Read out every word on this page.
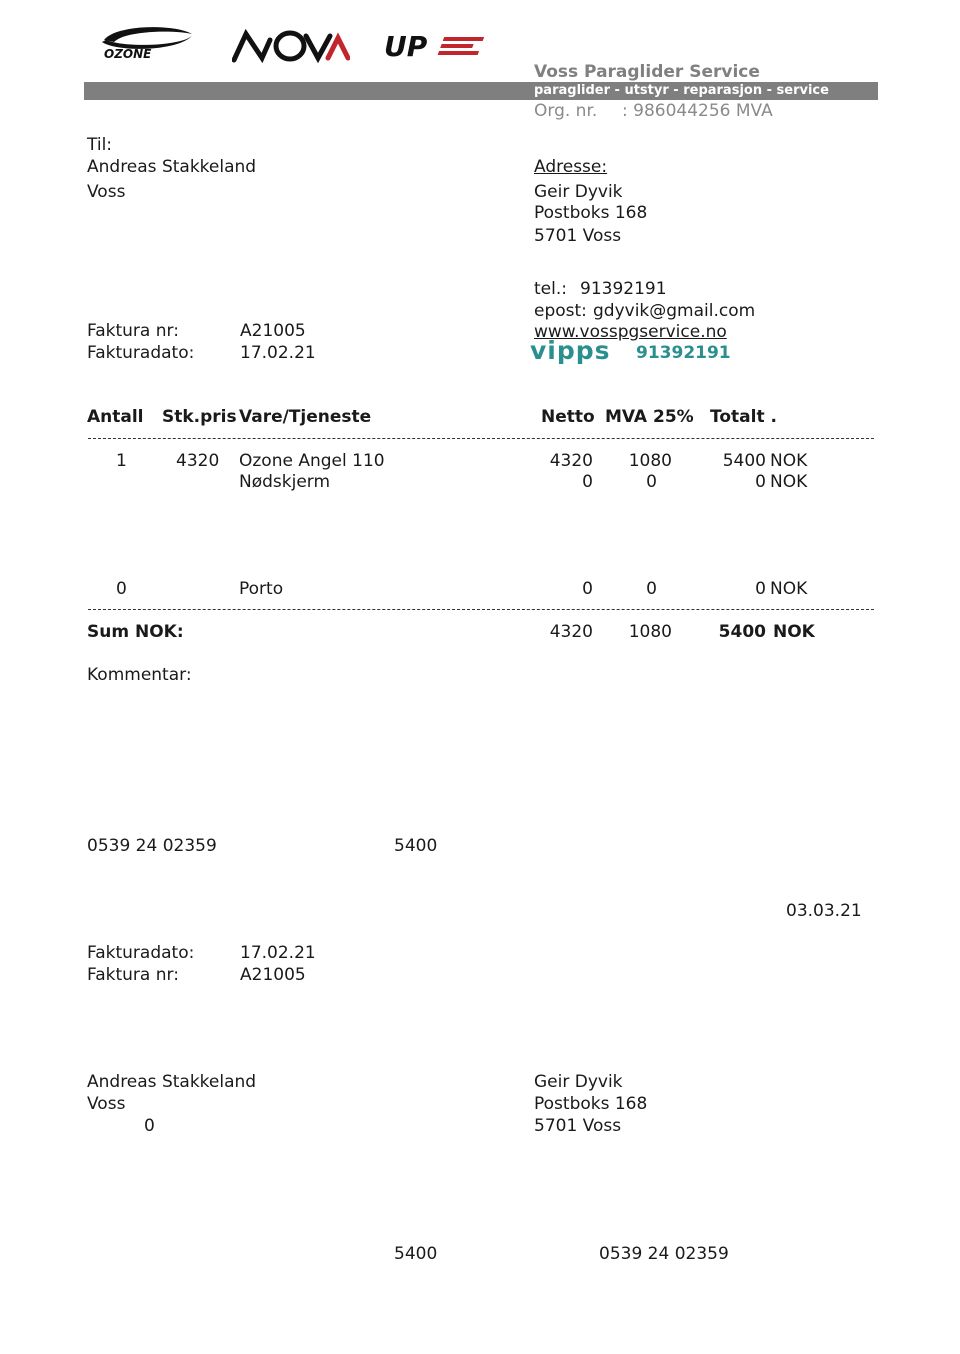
OZONE	UP
Voss Paraglider Service
paraglider - utstyr - reparasjon - service
Org. nr. : 986044256 MVA
Til:
Andreas Stakkeland
Voss
Adresse:
Geir Dyvik
Postboks 168
5701 Voss
tel.: 91392191
epost: gdyvik@gmail.com
www.vosspgservice.no
vipps 91392191
Faktura nr:	A21005
Fakturadato:	17.02.21
Antall Stk.pris Vare/Tjeneste	Netto MVA 25% Totalt .
1	4320 Ozone Angel 110	4320	1080	5400 NOK
Nødskjerm	0	0	0 NOK
0	Porto	0	0	0 NOK
Sum NOK:	4320	1080	5400 NOK
Kommentar:
0539 24 02359	5400
03.03.21
Fakturadato:	17.02.21
Faktura nr:	A21005
Andreas Stakkeland
Voss
0
Geir Dyvik
Postboks 168
5701 Voss
5400	0539 24 02359
